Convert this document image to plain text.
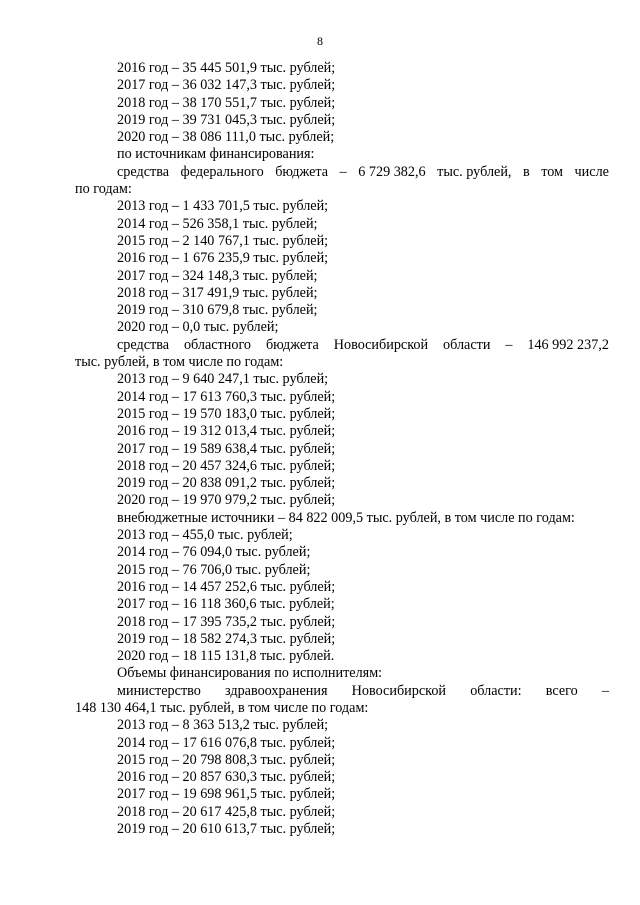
8
2016 год – 35 445 501,9 тыс. рублей;
2017 год – 36 032 147,3 тыс. рублей;
2018 год – 38 170 551,7 тыс. рублей;
2019 год – 39 731 045,3 тыс. рублей;
2020 год – 38 086 111,0 тыс. рублей;
по источникам финансирования:
средства федерального бюджета – 6 729 382,6 тыс. рублей, в том числе
по годам:
2013 год – 1 433 701,5 тыс. рублей;
2014 год – 526 358,1 тыс. рублей;
2015 год – 2 140 767,1 тыс. рублей;
2016 год – 1 676 235,9 тыс. рублей;
2017 год – 324 148,3 тыс. рублей;
2018 год – 317 491,9 тыс. рублей;
2019 год – 310 679,8 тыс. рублей;
2020 год – 0,0 тыс. рублей;
средства областного бюджета Новосибирской области – 146 992 237,2
тыс. рублей, в том числе по годам:
2013 год – 9 640 247,1 тыс. рублей;
2014 год – 17 613 760,3 тыс. рублей;
2015 год – 19 570 183,0 тыс. рублей;
2016 год – 19 312 013,4 тыс. рублей;
2017 год – 19 589 638,4 тыс. рублей;
2018 год – 20 457 324,6 тыс. рублей;
2019 год – 20 838 091,2 тыс. рублей;
2020 год – 19 970 979,2 тыс. рублей;
внебюджетные источники – 84 822 009,5 тыс. рублей, в том числе по годам:
2013 год – 455,0 тыс. рублей;
2014 год – 76 094,0 тыс. рублей;
2015 год – 76 706,0 тыс. рублей;
2016 год – 14 457 252,6 тыс. рублей;
2017 год – 16 118 360,6 тыс. рублей;
2018 год – 17 395 735,2 тыс. рублей;
2019 год – 18 582 274,3 тыс. рублей;
2020 год – 18 115 131,8 тыс. рублей.
Объемы финансирования по исполнителям:
министерство здравоохранения Новосибирской области: всего –
148 130 464,1 тыс. рублей, в том числе по годам:
2013 год – 8 363 513,2 тыс. рублей;
2014 год – 17 616 076,8 тыс. рублей;
2015 год – 20 798 808,3 тыс. рублей;
2016 год – 20 857 630,3 тыс. рублей;
2017 год – 19 698 961,5 тыс. рублей;
2018 год – 20 617 425,8 тыс. рублей;
2019 год – 20 610 613,7 тыс. рублей;
